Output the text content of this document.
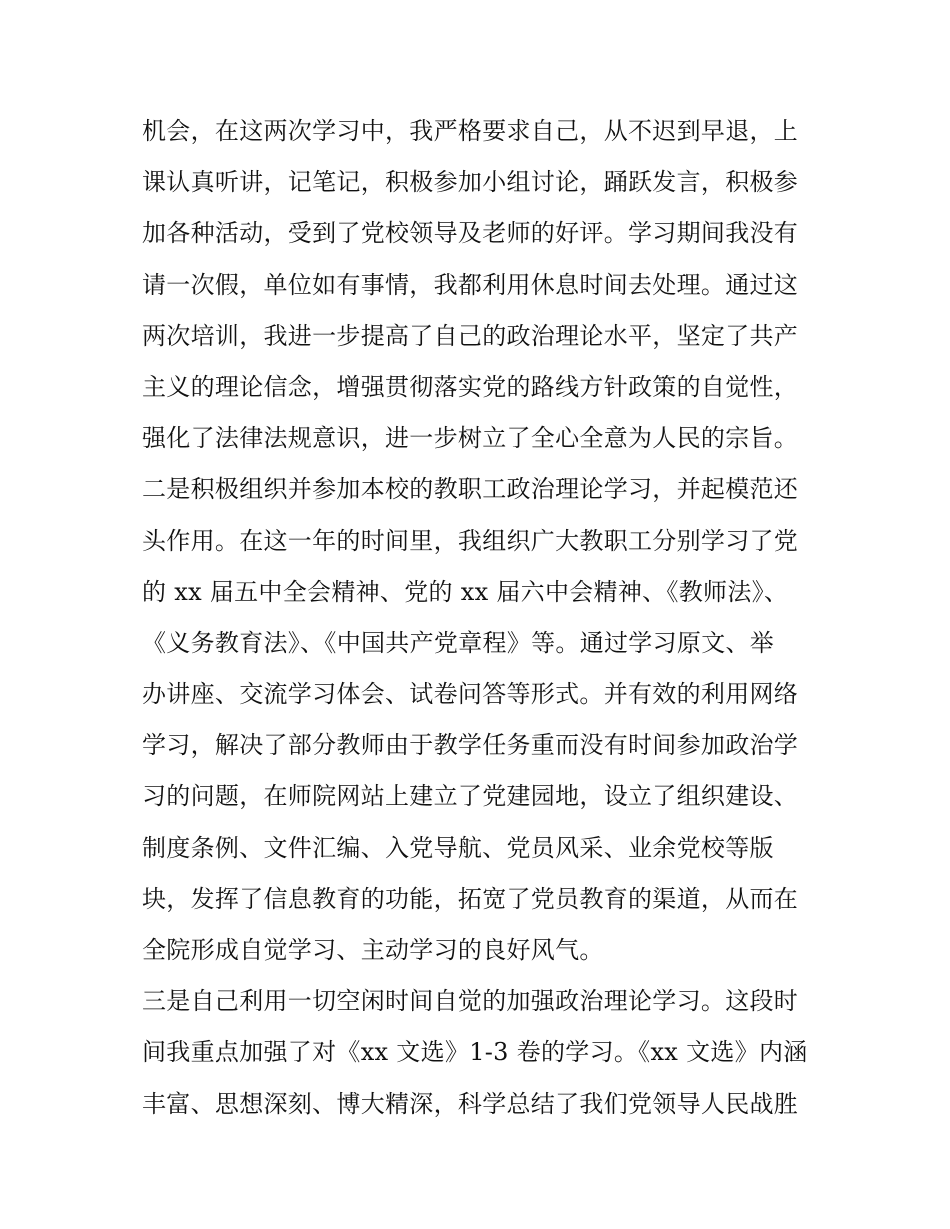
机会，在这两次学习中，我严格要求自己，从不迟到早退，上
课认真听讲，记笔记，积极参加小组讨论，踊跃发言，积极参
加各种活动，受到了党校领导及老师的好评。学习期间我没有
请一次假，单位如有事情，我都利用休息时间去处理。通过这
两次培训，我进一步提高了自己的政治理论水平，坚定了共产
主义的理论信念，增强贯彻落实党的路线方针政策的自觉性，
强化了法律法规意识，进一步树立了全心全意为人民的宗旨。
二是积极组织并参加本校的教职工政治理论学习，并起模范还
头作用。在这一年的时间里，我组织广大教职工分别学习了党
的 xx 届五中全会精神、党的 xx 届六中会精神、《教师法》、
《义务教育法》、《中国共产党章程》等。通过学习原文、举
办讲座、交流学习体会、试卷问答等形式。并有效的利用网络
学习，解决了部分教师由于教学任务重而没有时间参加政治学
习的问题，在师院网站上建立了党建园地，设立了组织建设、
制度条例、文件汇编、入党导航、党员风采、业余党校等版
块，发挥了信息教育的功能，拓宽了党员教育的渠道，从而在
全院形成自觉学习、主动学习的良好风气。
三是自己利用一切空闲时间自觉的加强政治理论学习。这段时
间我重点加强了对《xx 文选》1-3 卷的学习。《xx 文选》内涵
丰富、思想深刻、博大精深，科学总结了我们党领导人民战胜
